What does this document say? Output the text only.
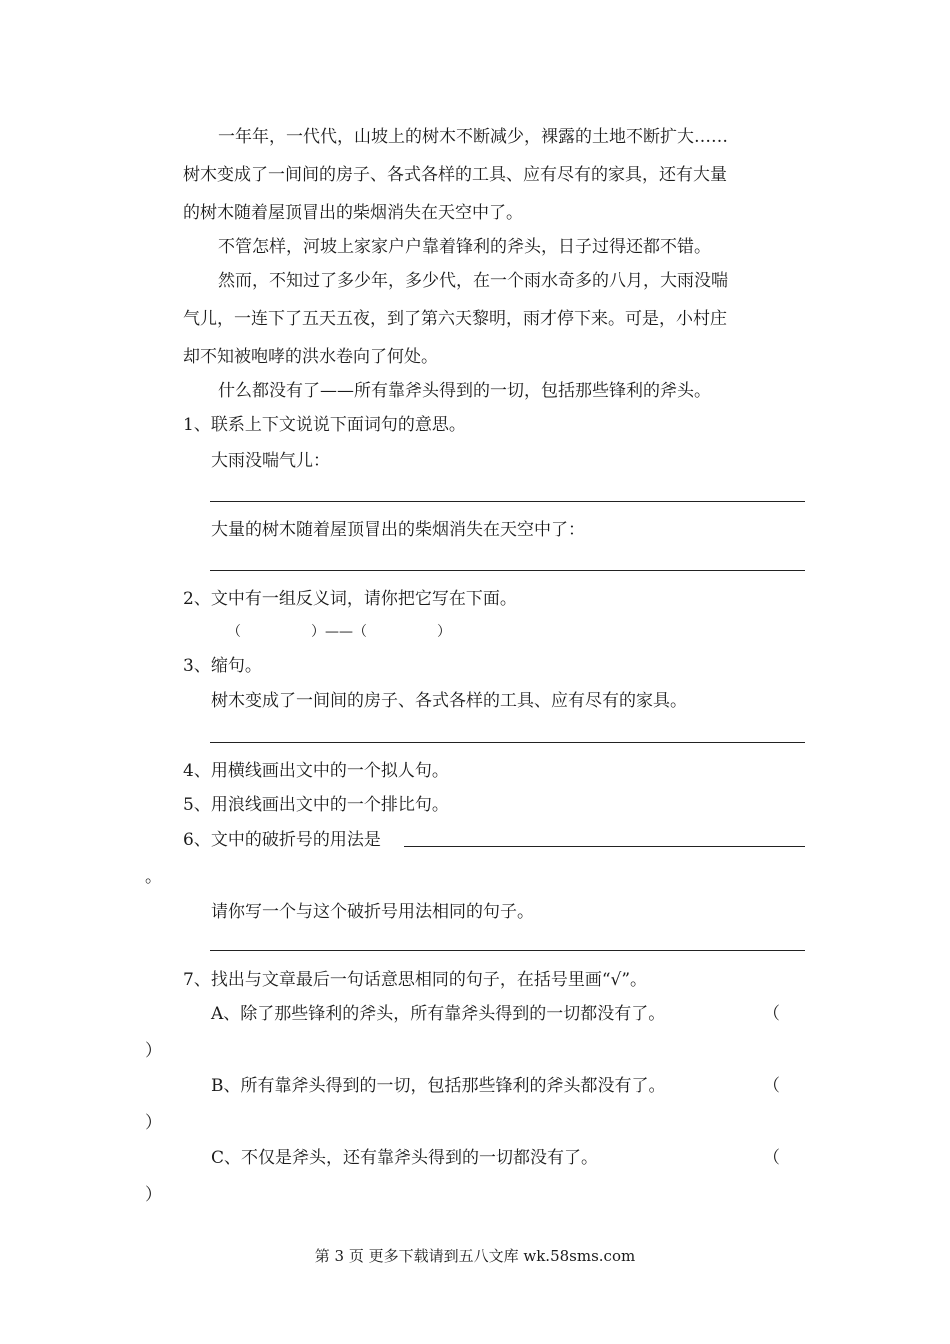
一年年，一代代，山坡上的树木不断减少，裸露的土地不断扩大……
树木变成了一间间的房子、各式各样的工具、应有尽有的家具，还有大量
的树木随着屋顶冒出的柴烟消失在天空中了。
不管怎样，河坡上家家户户靠着锋利的斧头，日子过得还都不错。
然而，不知过了多少年，多少代，在一个雨水奇多的八月，大雨没喘
气儿，一连下了五天五夜，到了第六天黎明，雨才停下来。可是，小村庄
却不知被咆哮的洪水卷向了何处。
什么都没有了——所有靠斧头得到的一切，包括那些锋利的斧头。
1、联系上下文说说下面词句的意思。
大雨没喘气儿：
大量的树木随着屋顶冒出的柴烟消失在天空中了：
2、文中有一组反义词，请你把它写在下面。
（　　　　　）——（　　　　　）
3、缩句。
树木变成了一间间的房子、各式各样的工具、应有尽有的家具。
4、用横线画出文中的一个拟人句。
5、用浪线画出文中的一个排比句。
6、文中的破折号的用法是
。
请你写一个与这个破折号用法相同的句子。
7、找出与文章最后一句话意思相同的句子，在括号里画“√”。
A、除了那些锋利的斧头，所有靠斧头得到的一切都没有了。	（
）
B、所有靠斧头得到的一切，包括那些锋利的斧头都没有了。	（
）
C、不仅是斧头，还有靠斧头得到的一切都没有了。	（
）
第 3 页 更多下载请到五八文库 wk.58sms.com
